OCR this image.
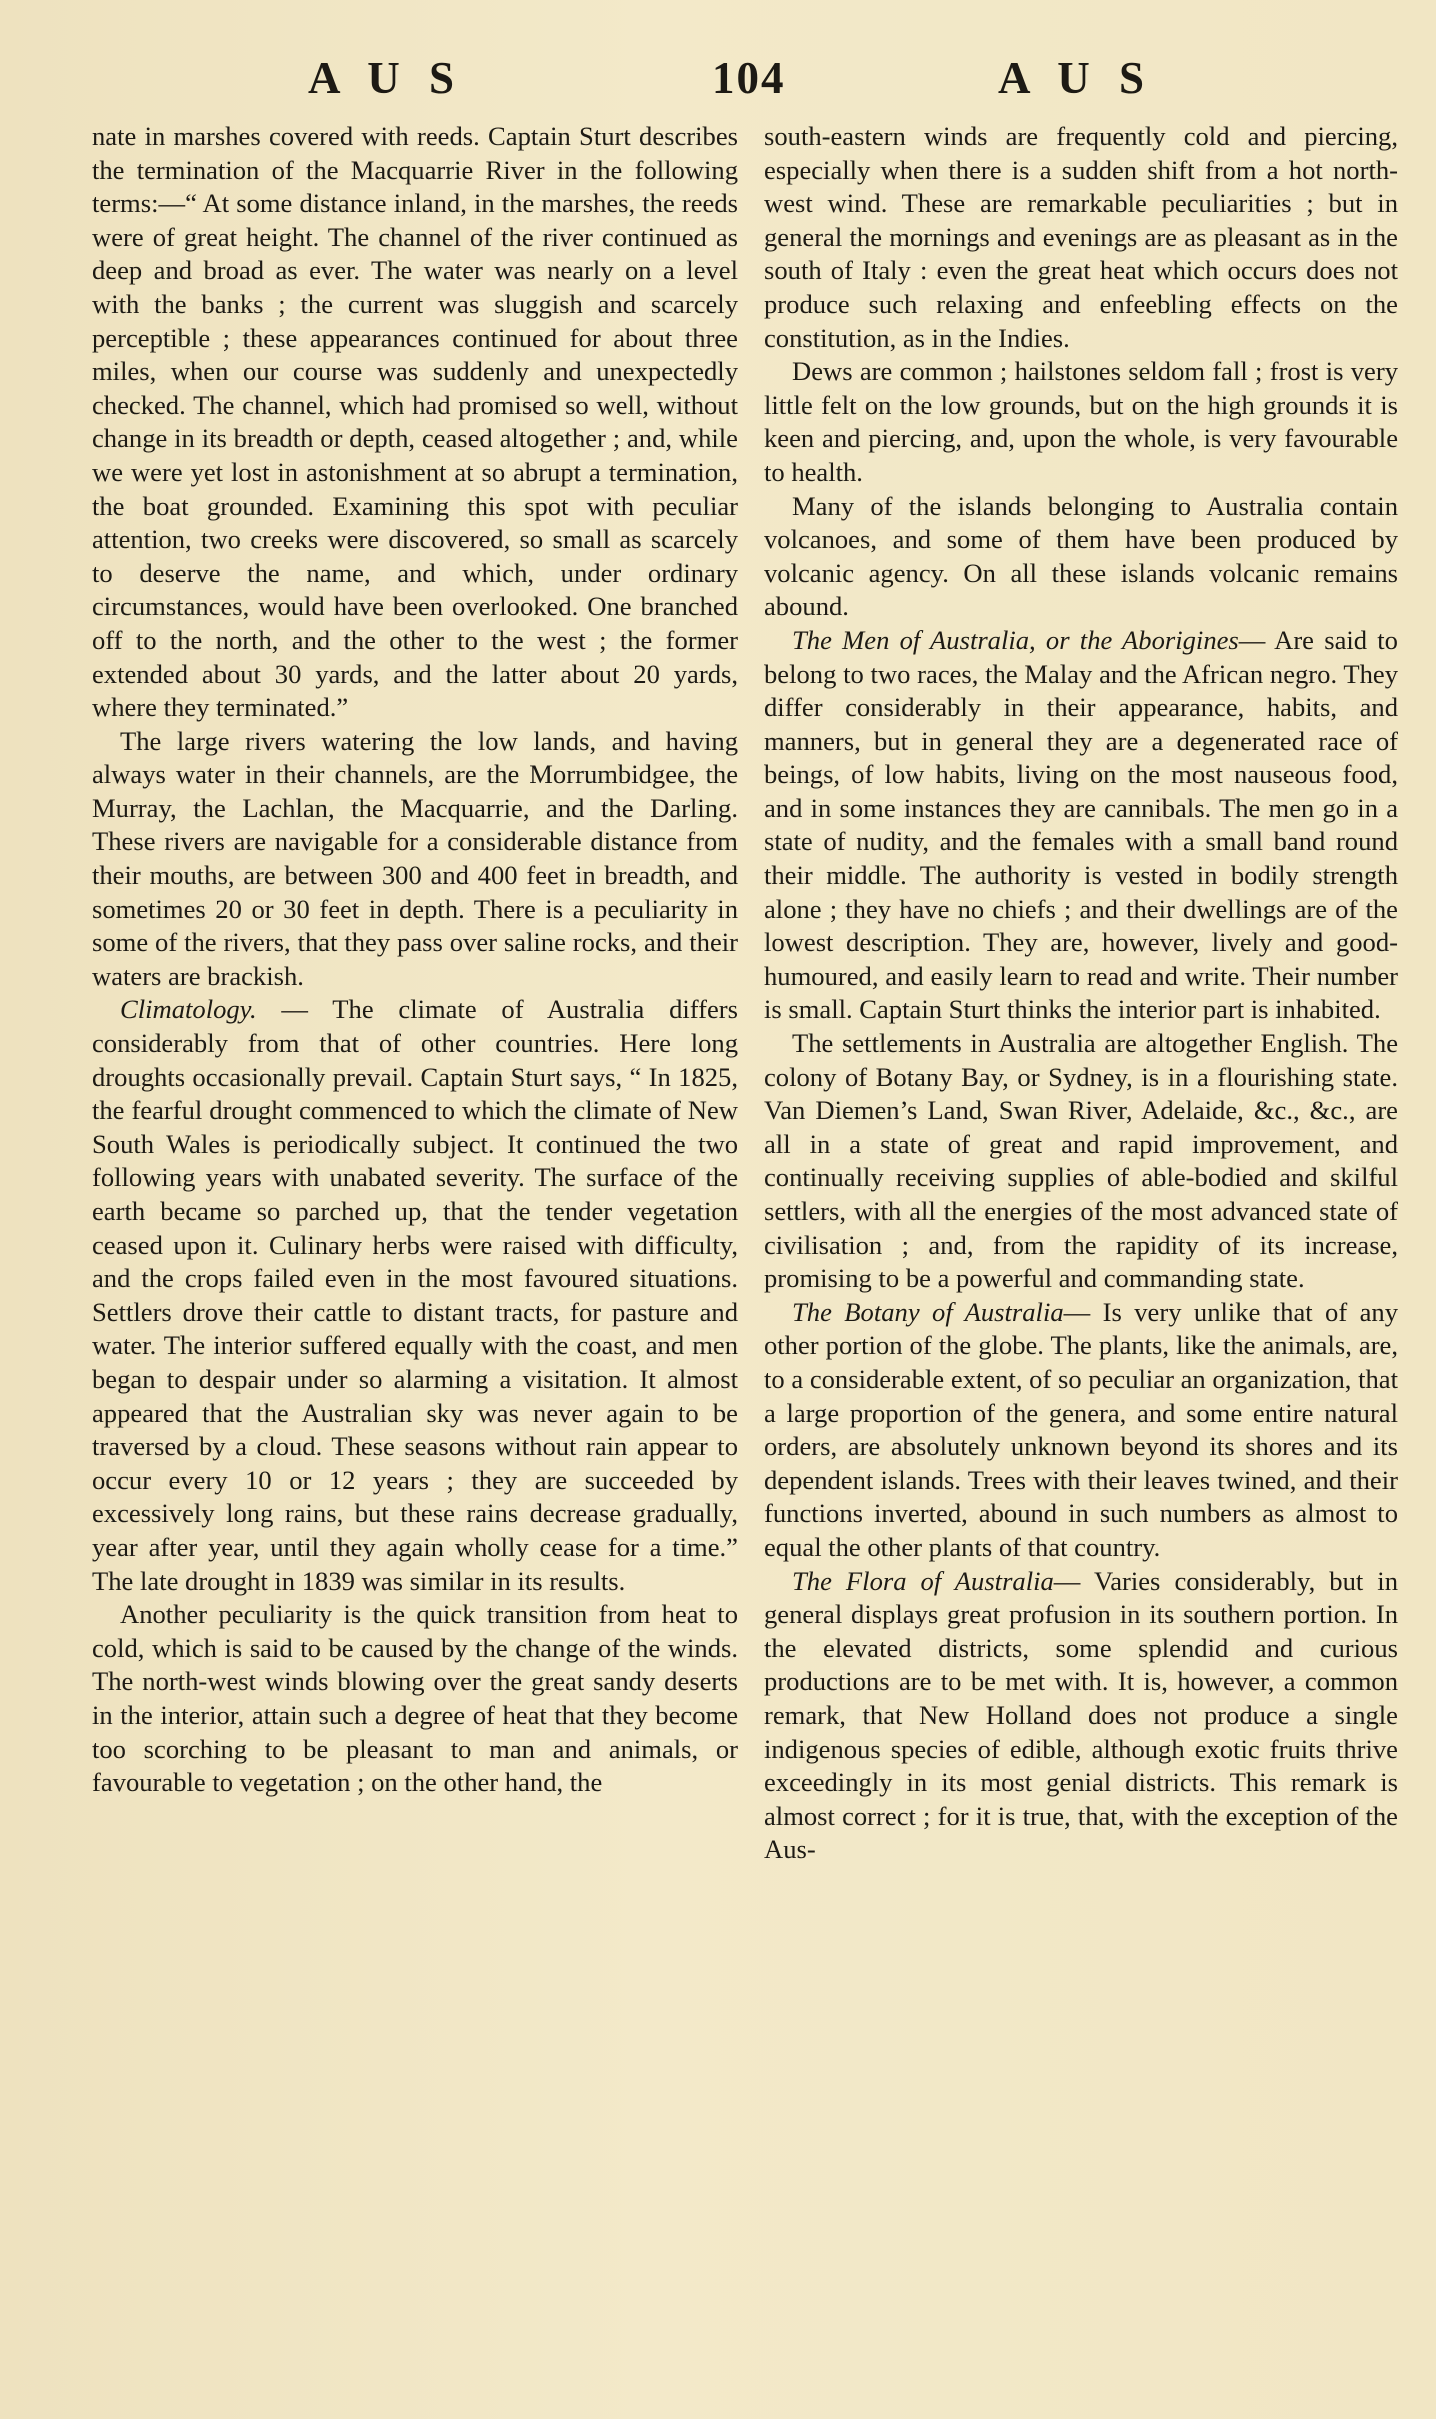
A U S	104	A U S

nate in marshes covered with reeds. Captain Sturt describes the termination of the Macquarrie River in the following terms:—“ At some distance inland, in the marshes, the reeds were of great height. The channel of the river continued as deep and broad as ever. The water was nearly on a level with the banks ; the current was sluggish and scarcely perceptible ; these appearances continued for about three miles, when our course was suddenly and unexpectedly checked. The channel, which had promised so well, without change in its breadth or depth, ceased altogether ; and, while we were yet lost in astonishment at so abrupt a termination, the boat grounded. Examining this spot with peculiar attention, two creeks were discovered, so small as scarcely to deserve the name, and which, under ordinary circumstances, would have been overlooked. One branched off to the north, and the other to the west ; the former extended about 30 yards, and the latter about 20 yards, where they terminated.”

The large rivers watering the low lands, and having always water in their channels, are the Morrumbidgee, the Murray, the Lachlan, the Macquarrie, and the Darling. These rivers are navigable for a considerable distance from their mouths, are between 300 and 400 feet in breadth, and sometimes 20 or 30 feet in depth. There is a peculiarity in some of the rivers, that they pass over saline rocks, and their waters are brackish.

Climatology. — The climate of Australia differs considerably from that of other countries. Here long droughts occasionally prevail. Captain Sturt says, “ In 1825, the fearful drought commenced to which the climate of New South Wales is periodically subject. It continued the two following years with unabated severity. The surface of the earth became so parched up, that the tender vegetation ceased upon it. Culinary herbs were raised with difficulty, and the crops failed even in the most favoured situations. Settlers drove their cattle to distant tracts, for pasture and water. The interior suffered equally with the coast, and men began to despair under so alarming a visitation. It almost appeared that the Australian sky was never again to be traversed by a cloud. These seasons without rain appear to occur every 10 or 12 years ; they are succeeded by excessively long rains, but these rains decrease gradually, year after year, until they again wholly cease for a time.” The late drought in 1839 was similar in its results.

Another peculiarity is the quick transition from heat to cold, which is said to be caused by the change of the winds. The north-west winds blowing over the great sandy deserts in the interior, attain such a degree of heat that they become too scorching to be pleasant to man and animals, or favourable to vegetation ; on the other hand, the

south-eastern winds are frequently cold and piercing, especially when there is a sudden shift from a hot north-west wind. These are remarkable peculiarities ; but in general the mornings and evenings are as pleasant as in the south of Italy : even the great heat which occurs does not produce such relaxing and enfeebling effects on the constitution, as in the Indies.

Dews are common ; hailstones seldom fall ; frost is very little felt on the low grounds, but on the high grounds it is keen and piercing, and, upon the whole, is very favourable to health.

Many of the islands belonging to Australia contain volcanoes, and some of them have been produced by volcanic agency. On all these islands volcanic remains abound.

The Men of Australia, or the Aborigines— Are said to belong to two races, the Malay and the African negro. They differ considerably in their appearance, habits, and manners, but in general they are a degenerated race of beings, of low habits, living on the most nauseous food, and in some instances they are cannibals. The men go in a state of nudity, and the females with a small band round their middle. The authority is vested in bodily strength alone ; they have no chiefs ; and their dwellings are of the lowest description. They are, however, lively and good-humoured, and easily learn to read and write. Their number is small. Captain Sturt thinks the interior part is inhabited.

The settlements in Australia are altogether English. The colony of Botany Bay, or Sydney, is in a flourishing state. Van Diemen’s Land, Swan River, Adelaide, &c., &c., are all in a state of great and rapid improvement, and continually receiving supplies of able-bodied and skilful settlers, with all the energies of the most advanced state of civilisation ; and, from the rapidity of its increase, promising to be a powerful and commanding state.

The Botany of Australia— Is very unlike that of any other portion of the globe. The plants, like the animals, are, to a considerable extent, of so peculiar an organization, that a large proportion of the genera, and some entire natural orders, are absolutely unknown beyond its shores and its dependent islands. Trees with their leaves twined, and their functions inverted, abound in such numbers as almost to equal the other plants of that country.

The Flora of Australia— Varies considerably, but in general displays great profusion in its southern portion. In the elevated districts, some splendid and curious productions are to be met with. It is, however, a common remark, that New Holland does not produce a single indigenous species of edible, although exotic fruits thrive exceedingly in its most genial districts. This remark is almost correct ; for it is true, that, with the exception of the Aus-
